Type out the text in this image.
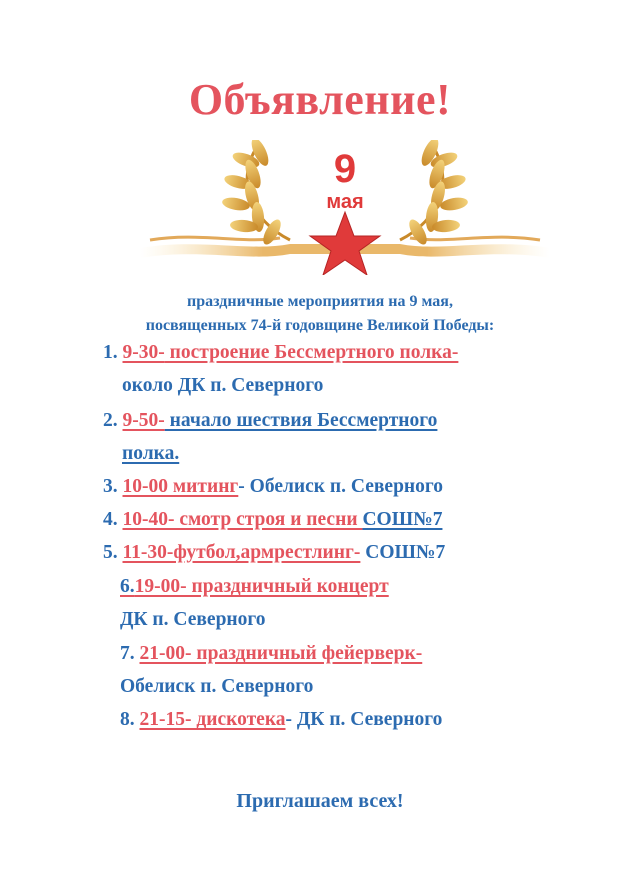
Объявление!
9
мая
праздничные мероприятия на 9 мая,
посвященных 74-й годовщине Великой Победы:
1. 9-30- построение Бессмертного полка-
около ДК п. Северного
2. 9-50- начало шествия Бессмертного
полка.
3. 10-00 митинг- Обелиск п. Северного
4. 10-40- смотр строя и песни СОШ№7
5. 11-30-футбол,армрестлинг- СОШ№7
6.19-00- праздничный концерт
ДК п. Северного
7. 21-00- праздничный фейерверк-
Обелиск п. Северного
8. 21-15- дискотека- ДК п. Северного
Приглашаем всех!
